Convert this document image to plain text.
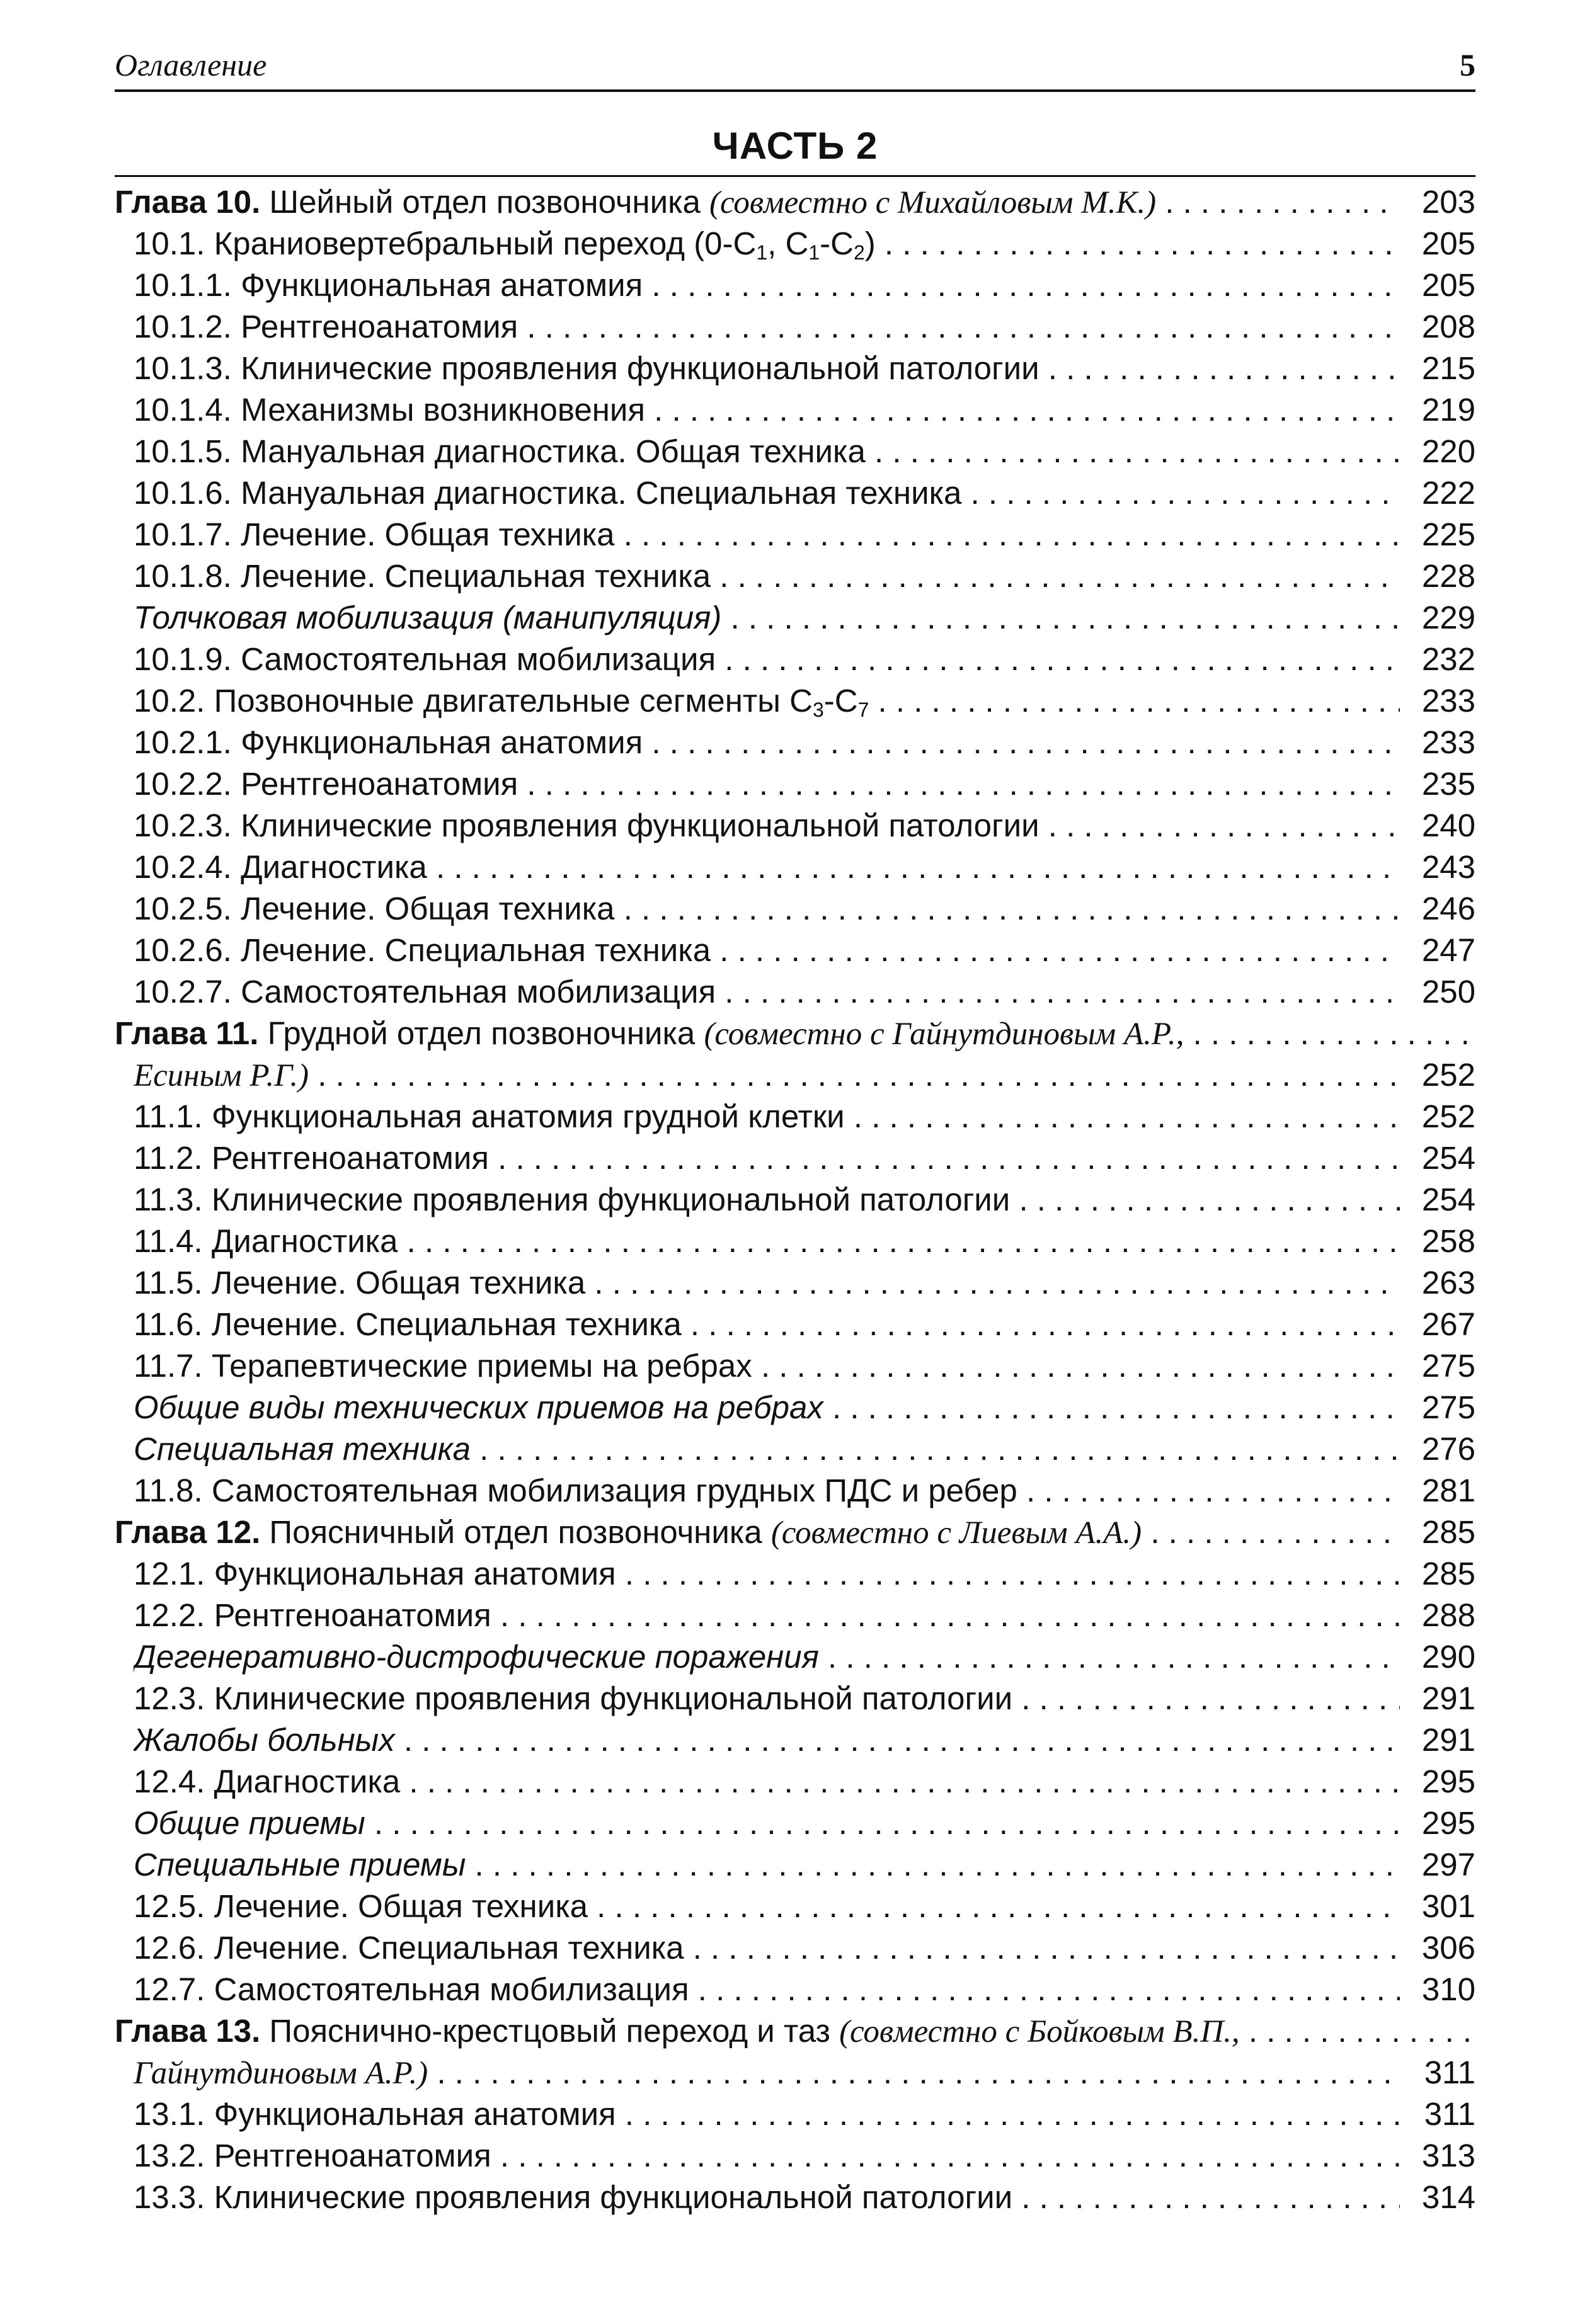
Оглавление	5
ЧАСТЬ 2
Глава 10. Шейный отдел позвоночника (совместно с Михайловым М.К.) . . .	203
10.1. Краниовертебральный переход ($0-C_1$, $C_1-C_2$) . . .	205
10.1.1. Функциональная анатомия . . .	205
10.1.2. Рентгеноанатомия . . .	208
10.1.3. Клинические проявления функциональной патологии . . .	215
10.1.4. Механизмы возникновения . . .	219
10.1.5. Мануальная диагностика. Общая техника . . .	220
10.1.6. Мануальная диагностика. Специальная техника . . .	222
10.1.7. Лечение. Общая техника . . .	225
10.1.8. Лечение. Специальная техника . . .	228
Толчковая мобилизация (манипуляция) . . .	229
10.1.9. Самостоятельная мобилизация . . .	232
10.2. Позвоночные двигательные сегменты $C_3-C_7$ . . .	233
10.2.1. Функциональная анатомия . . .	233
10.2.2. Рентгеноанатомия . . .	235
10.2.3. Клинические проявления функциональной патологии . . .	240
10.2.4. Диагностика . . .	243
10.2.5. Лечение. Общая техника . . .	246
10.2.6. Лечение. Специальная техника . . .	247
10.2.7. Самостоятельная мобилизация . . .	250
Глава 11. Грудной отдел позвоночника (совместно с Гайнутдиновым А.Р., . . .
Есиным Р.Г.) . . .	252
11.1. Функциональная анатомия грудной клетки . . .	252
11.2. Рентгеноанатомия . . .	254
11.3. Клинические проявления функциональной патологии . . .	254
11.4. Диагностика . . .	258
11.5. Лечение. Общая техника . . .	263
11.6. Лечение. Специальная техника . . .	267
11.7. Терапевтические приемы на ребрах . . .	275
Общие виды технических приемов на ребрах . . .	275
Специальная техника . . .	276
11.8. Самостоятельная мобилизация грудных ПДС и ребер . . .	281
Глава 12. Поясничный отдел позвоночника (совместно с Лиевым А.А.) . . .	285
12.1. Функциональная анатомия . . .	285
12.2. Рентгеноанатомия . . .	288
Дегенеративно-дистрофические поражения . . .	290
12.3. Клинические проявления функциональной патологии . . .	291
Жалобы больных . . .	291
12.4. Диагностика . . .	295
Общие приемы . . .	295
Специальные приемы . . .	297
12.5. Лечение. Общая техника . . .	301
12.6. Лечение. Специальная техника . . .	306
12.7. Самостоятельная мобилизация . . .	310
Глава 13. Пояснично-крестцовый переход и таз (совместно с Бойковым В.П., . . .
Гайнутдиновым А.Р.) . . .	311
13.1. Функциональная анатомия . . .	311
13.2. Рентгеноанатомия . . .	313
13.3. Клинические проявления функциональной патологии . . .	314
